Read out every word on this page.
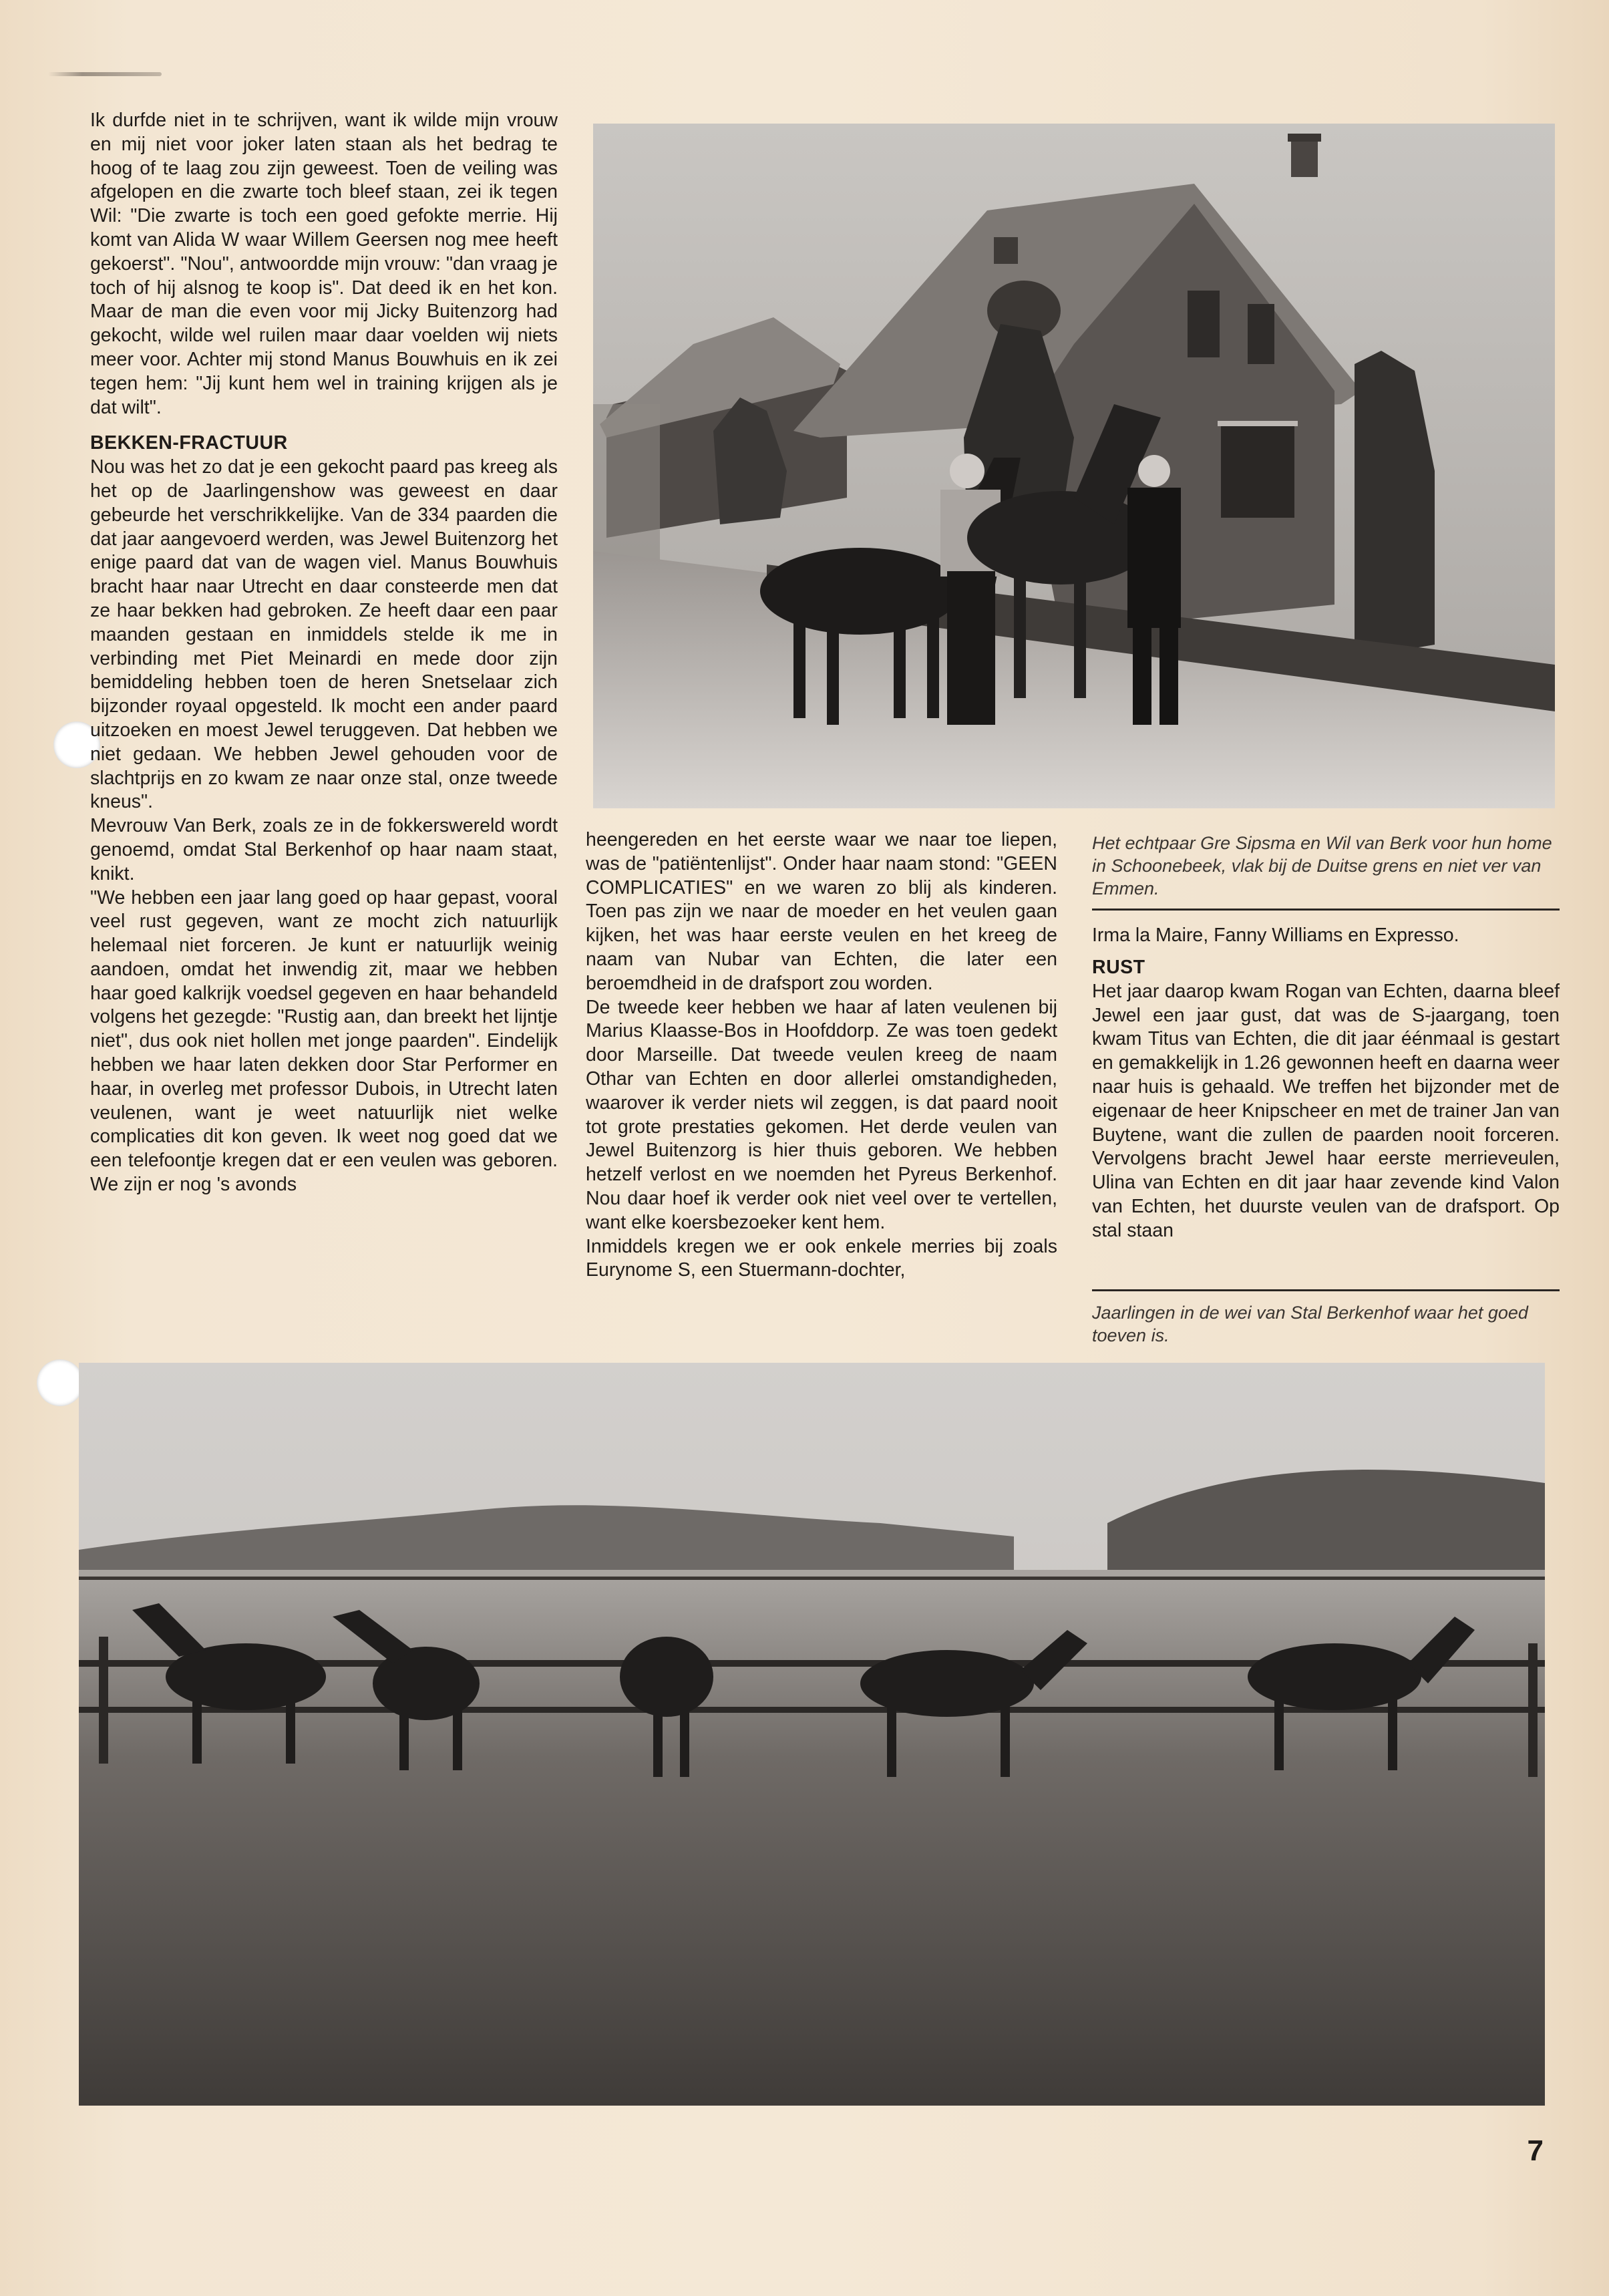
Ik durfde niet in te schrijven, want ik wilde mijn vrouw en mij niet voor joker laten staan als het bedrag te hoog of te laag zou zijn geweest. Toen de veiling was afgelopen en die zwarte toch bleef staan, zei ik tegen Wil: "Die zwarte is toch een goed gefokte merrie. Hij komt van Alida W waar Willem Geersen nog mee heeft gekoerst". "Nou", antwoordde mijn vrouw: "dan vraag je toch of hij alsnog te koop is". Dat deed ik en het kon. Maar de man die even voor mij Jicky Buitenzorg had gekocht, wilde wel ruilen maar daar voelden wij niets meer voor. Achter mij stond Manus Bouwhuis en ik zei tegen hem: "Jij kunt hem wel in training krijgen als je dat wilt".

BEKKEN-FRACTUUR

Nou was het zo dat je een gekocht paard pas kreeg als het op de Jaarlingenshow was geweest en daar gebeurde het verschrikkelijke. Van de 334 paarden die dat jaar aangevoerd werden, was Jewel Buitenzorg het enige paard dat van de wagen viel. Manus Bouwhuis bracht haar naar Utrecht en daar consteerde men dat ze haar bekken had gebroken. Ze heeft daar een paar maanden gestaan en inmiddels stelde ik me in verbinding met Piet Meinardi en mede door zijn bemiddeling hebben toen de heren Snetselaar zich bijzonder royaal opgesteld. Ik mocht een ander paard uitzoeken en moest Jewel teruggeven. Dat hebben we niet gedaan. We hebben Jewel gehouden voor de slachtprijs en zo kwam ze naar onze stal, onze tweede kneus".

Mevrouw Van Berk, zoals ze in de fokkerswereld wordt genoemd, omdat Stal Berkenhof op haar naam staat, knikt.

"We hebben een jaar lang goed op haar gepast, vooral veel rust gegeven, want ze mocht zich natuurlijk helemaal niet forceren. Je kunt er natuurlijk weinig aandoen, omdat het inwendig zit, maar we hebben haar goed kalkrijk voedsel gegeven en haar behandeld volgens het gezegde: "Rustig aan, dan breekt het lijntje niet", dus ook niet hollen met jonge paarden". Eindelijk hebben we haar laten dekken door Star Performer en haar, in overleg met professor Dubois, in Utrecht laten veulenen, want je weet natuurlijk niet welke complicaties dit kon geven. Ik weet nog goed dat we een telefoontje kregen dat er een veulen was geboren. We zijn er nog 's avonds

heengereden en het eerste waar we naar toe liepen, was de "patiëntenlijst". Onder haar naam stond: "GEEN COMPLICATIES" en we waren zo blij als kinderen. Toen pas zijn we naar de moeder en het veulen gaan kijken, het was haar eerste veulen en het kreeg de naam van Nubar van Echten, die later een beroemdheid in de drafsport zou worden.

De tweede keer hebben we haar af laten veulenen bij Marius Klaasse-Bos in Hoofddorp. Ze was toen gedekt door Marseille. Dat tweede veulen kreeg de naam Othar van Echten en door allerlei omstandigheden, waarover ik verder niets wil zeggen, is dat paard nooit tot grote prestaties gekomen. Het derde veulen van Jewel Buitenzorg is hier thuis geboren. We hebben hetzelf verlost en we noemden het Pyreus Berkenhof. Nou daar hoef ik verder ook niet veel over te vertellen, want elke koersbezoeker kent hem.

Inmiddels kregen we er ook enkele merries bij zoals Eurynome S, een Stuermann-dochter,

Het echtpaar Gre Sipsma en Wil van Berk voor hun home in Schoonebeek, vlak bij de Duitse grens en niet ver van Emmen.
Irma la Maire, Fanny Williams en Expresso.
RUST

Het jaar daarop kwam Rogan van Echten, daarna bleef Jewel een jaar gust, dat was de S-jaargang, toen kwam Titus van Echten, die dit jaar éénmaal is gestart en gemakkelijk in 1.26 gewonnen heeft en daarna weer naar huis is gehaald. We treffen het bijzonder met de eigenaar de heer Knipscheer en met de trainer Jan van Buytene, want die zullen de paarden nooit forceren. Vervolgens bracht Jewel haar eerste merrieveulen, Ulina van Echten en dit jaar haar zevende kind Valon van Echten, het duurste veulen van de drafsport. Op stal staan

Jaarlingen in de wei van Stal Berkenhof waar het goed toeven is.
7
